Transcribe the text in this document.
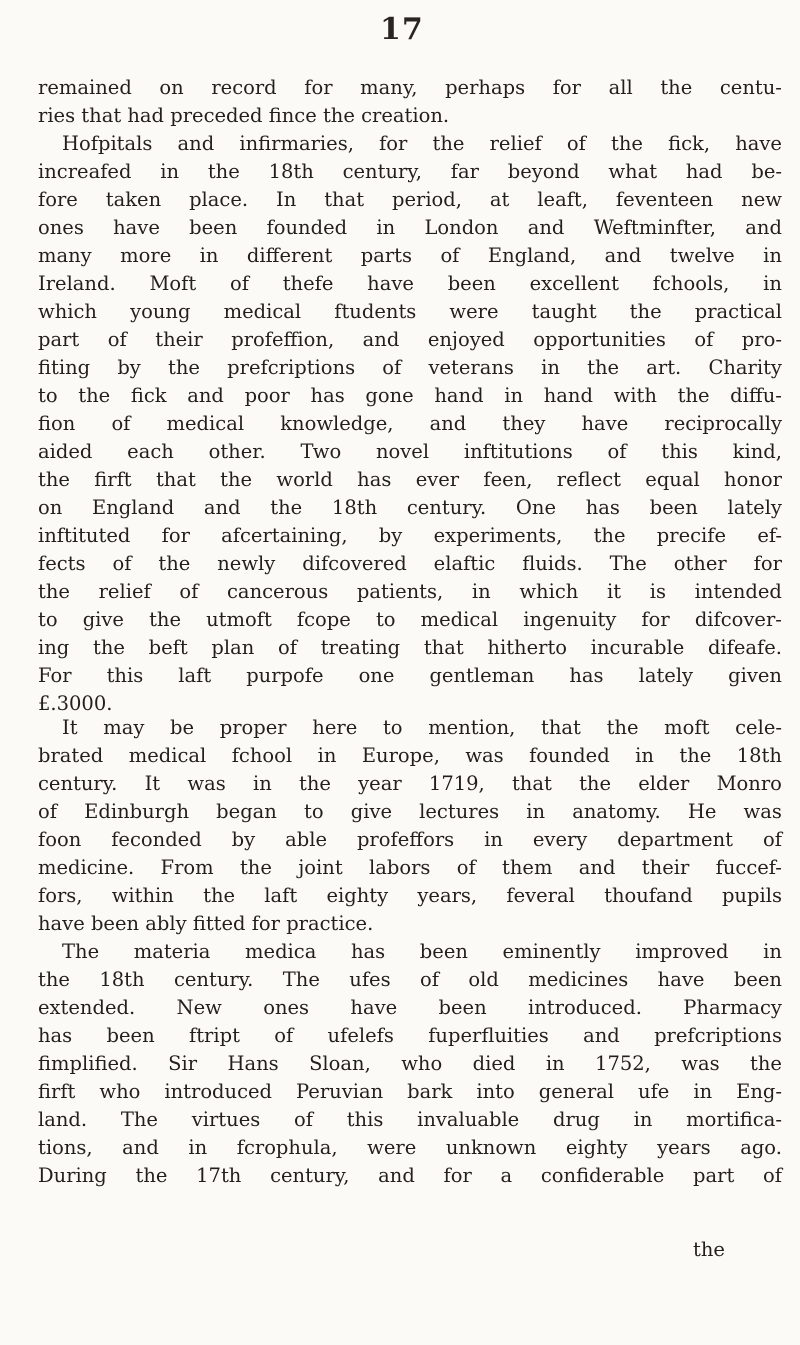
17
remained on record for many, perhaps for all the centu-
ries that had preceded fince the creation.
Hofpitals and infirmaries, for the relief of the fick, have
increafed in the 18th century, far beyond what had be-
fore taken place. In that period, at leaft, feventeen new
ones have been founded in London and Weftminfter, and
many more in different parts of England, and twelve in
Ireland. Moft of thefe have been excellent fchools, in
which young medical ftudents were taught the practical
part of their profeffion, and enjoyed opportunities of pro-
fiting by the prefcriptions of veterans in the art. Charity
to the fick and poor has gone hand in hand with the diffu-
fion of medical knowledge, and they have reciprocally
aided each other. Two novel inftitutions of this kind,
the firft that the world has ever feen, reflect equal honor
on England and the 18th century. One has been lately
inftituted for afcertaining, by experiments, the precife ef-
fects of the newly difcovered elaftic fluids. The other for
the relief of cancerous patients, in which it is intended
to give the utmoft fcope to medical ingenuity for difcover-
ing the beft plan of treating that hitherto incurable difeafe.
For this laft purpofe one gentleman has lately given
£.3000.
It may be proper here to mention, that the moft cele-
brated medical fchool in Europe, was founded in the 18th
century. It was in the year 1719, that the elder Monro
of Edinburgh began to give lectures in anatomy. He was
foon feconded by able profeffors in every department of
medicine. From the joint labors of them and their fuccef-
fors, within the laft eighty years, feveral thoufand pupils
have been ably fitted for practice.
The materia medica has been eminently improved in
the 18th century. The ufes of old medicines have been
extended. New ones have been introduced. Pharmacy
has been ftript of ufelefs fuperfluities and prefcriptions
fimplified. Sir Hans Sloan, who died in 1752, was the
firft who introduced Peruvian bark into general ufe in Eng-
land. The virtues of this invaluable drug in mortifica-
tions, and in fcrophula, were unknown eighty years ago.
During the 17th century, and for a confiderable part of
the
